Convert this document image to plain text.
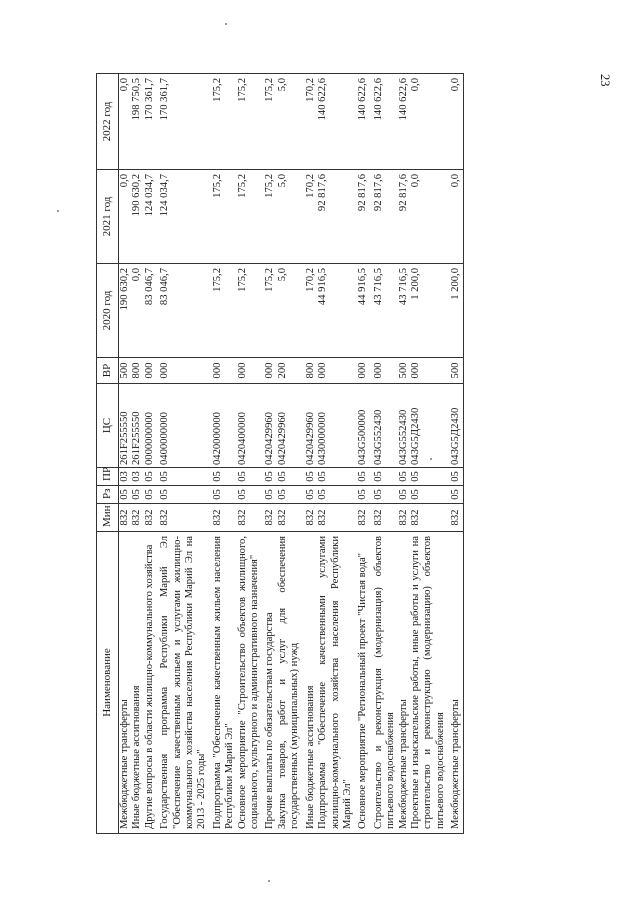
23
Наименование	Мин	Рз	ПР	ЦС	ВР	2020 год	2021 год	2022 год
Межбюджетные трансферты	832	05	03	261F255550	500	190 630,2	0,0	0,0
Иные бюджетные ассигнования	832	05	03	261F255550	800	0,0	190 630,2	198 750,5
Другие вопросы в области жилищно-коммунального хозяйства	832	05	05	0000000000	000	83 046,7	124 034,7	170 361,7
Государственная программа Республики Марий Эл "Обеспечение качественным жильем и услугами жилищно-коммунального хозяйства населения Республики Марий Эл на 2013 - 2025 годы"	832	05	05	0400000000	000	83 046,7	124 034,7	170 361,7
Подпрограмма "Обеспечение качественным жильем населения Республики Марий Эл"	832	05	05	0420000000	000	175,2	175,2	175,2
Основное мероприятие "Строительство объектов жилищного, социального, культурного и административного назначения"	832	05	05	0420400000	000	175,2	175,2	175,2
Прочие выплаты по обязательствам государства	832	05	05	0420429960	000	175,2	175,2	175,2
Закупка товаров, работ и услуг для обеспечения государственных (муниципальных) нужд	832	05	05	0420429960	200	5,0	5,0	5,0
Иные бюджетные ассигнования	832	05	05	0420429960	800	170,2	170,2	170,2
Подпрограмма "Обеспечение качественными услугами жилищно-коммунального хозяйства населения Республики Марий Эл"	832	05	05	0430000000	000	44 916,5	92 817,6	140 622,6
Основное мероприятие "Региональный проект "Чистая вода"	832	05	05	043G500000	000	44 916,5	92 817,6	140 622,6
Строительство и реконструкция (модернизация) объектов питьевого водоснабжения	832	05	05	043G552430	000	43 716,5	92 817,6	140 622,6
Межбюджетные трансферты	832	05	05	043G552430	500	43 716,5	92 817,6	140 622,6
Проектные и изыскательские работы, иные работы и услуги на строительство и реконструкцию (модернизацию) объектов питьевого водоснабжения	832	05	05	043G5Д2430	000	1 200,0	0,0	0,0
Межбюджетные трансферты	832	05	05	043G5Д2430	500	1 200,0	0,0	0,0
